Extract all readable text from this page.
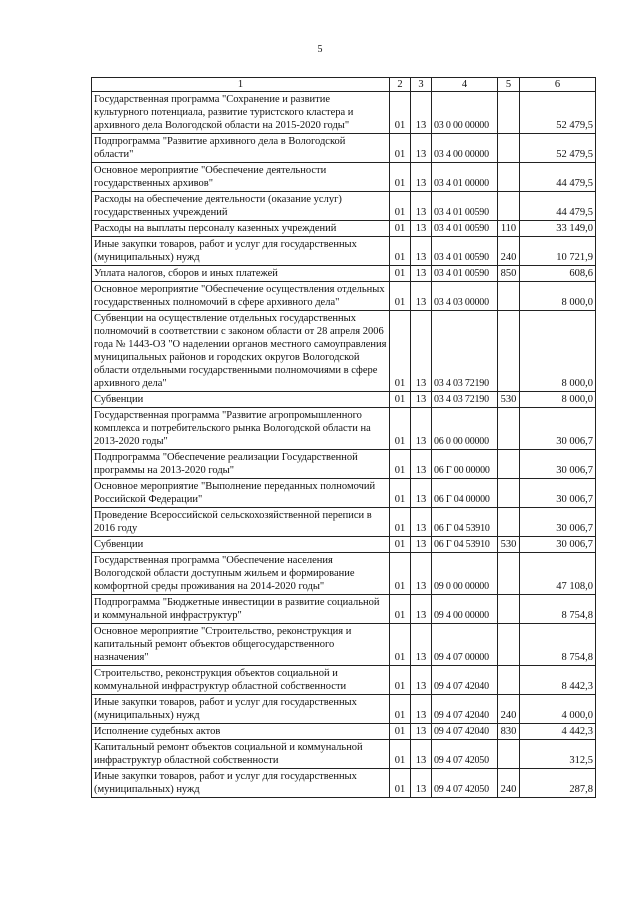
5
1	2	3	4	5	6
Государственная программа "Сохранение и развитие культурного потенциала, развитие туристского кластера и архивного дела Вологодской области на 2015-2020 годы"	01	13	03 0 00 00000		52 479,5
Подпрограмма "Развитие архивного дела в Вологодской области"	01	13	03 4 00 00000		52 479,5
Основное мероприятие "Обеспечение деятельности государственных архивов"	01	13	03 4 01 00000		44 479,5
Расходы на обеспечение деятельности (оказание услуг) государственных учреждений	01	13	03 4 01 00590		44 479,5
Расходы на выплаты персоналу казенных учреждений	01	13	03 4 01 00590	110	33 149,0
Иные закупки товаров, работ и услуг для государственных (муниципальных) нужд	01	13	03 4 01 00590	240	10 721,9
Уплата налогов, сборов и иных платежей	01	13	03 4 01 00590	850	608,6
Основное мероприятие "Обеспечение осуществления отдельных государственных полномочий в сфере архивного дела"	01	13	03 4 03 00000		8 000,0
Субвенции на осуществление отдельных государственных полномочий в соответствии с законом области от 28 апреля 2006 года № 1443-ОЗ "О наделении органов местного самоуправления муниципальных районов и городских округов Вологодской области отдельными государственными полномочиями в сфере архивного дела"	01	13	03 4 03 72190		8 000,0
Субвенции	01	13	03 4 03 72190	530	8 000,0
Государственная программа "Развитие агропромышленного комплекса и потребительского рынка Вологодской области на 2013-2020 годы"	01	13	06 0 00 00000		30 006,7
Подпрограмма "Обеспечение реализации Государственной программы на 2013-2020 годы"	01	13	06 Г 00 00000		30 006,7
Основное мероприятие "Выполнение переданных полномочий Российской Федерации"	01	13	06 Г 04 00000		30 006,7
Проведение Всероссийской сельскохозяйственной переписи в 2016 году	01	13	06 Г 04 53910		30 006,7
Субвенции	01	13	06 Г 04 53910	530	30 006,7
Государственная программа "Обеспечение населения Вологодской области доступным жильем и формирование комфортной среды проживания на 2014-2020 годы"	01	13	09 0 00 00000		47 108,0
Подпрограмма "Бюджетные инвестиции в развитие социальной и коммунальной инфраструктур"	01	13	09 4 00 00000		8 754,8
Основное мероприятие "Строительство, реконструкция и капитальный ремонт объектов общегосударственного назначения"	01	13	09 4 07 00000		8 754,8
Строительство, реконструкция объектов социальной и коммунальной инфраструктур областной собственности	01	13	09 4 07 42040		8 442,3
Иные закупки товаров, работ и услуг для государственных (муниципальных) нужд	01	13	09 4 07 42040	240	4 000,0
Исполнение судебных актов	01	13	09 4 07 42040	830	4 442,3
Капитальный ремонт объектов социальной и коммунальной инфраструктур областной собственности	01	13	09 4 07 42050		312,5
Иные закупки товаров, работ и услуг для государственных (муниципальных) нужд	01	13	09 4 07 42050	240	287,8
